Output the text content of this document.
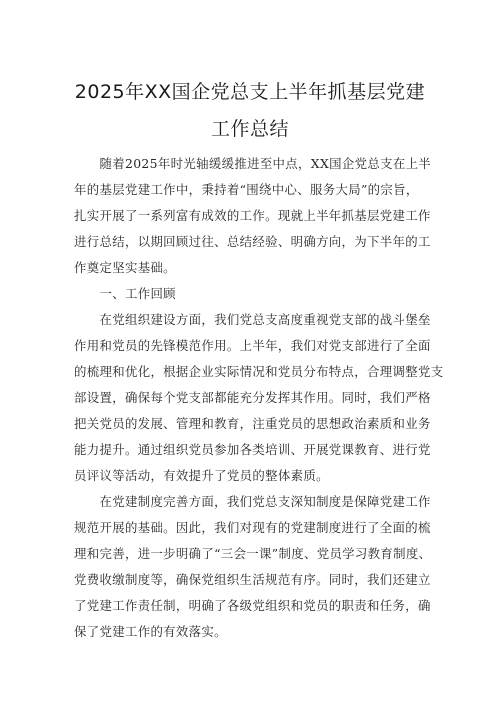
2025年XX国企党总支上半年抓基层党建
工作总结
　　随着2025年时光轴缓缓推进至中点，XX国企党总支在上半
年的基层党建工作中，秉持着“围绕中心、服务大局”的宗旨，
扎实开展了一系列富有成效的工作。现就上半年抓基层党建工作
进行总结，以期回顾过往、总结经验、明确方向，为下半年的工
作奠定坚实基础。
　　一、工作回顾
　　在党组织建设方面，我们党总支高度重视党支部的战斗堡垒
作用和党员的先锋模范作用。上半年，我们对党支部进行了全面
的梳理和优化，根据企业实际情况和党员分布特点，合理调整党支
部设置，确保每个党支部都能充分发挥其作用。同时，我们严格
把关党员的发展、管理和教育，注重党员的思想政治素质和业务
能力提升。通过组织党员参加各类培训、开展党课教育、进行党
员评议等活动，有效提升了党员的整体素质。
　　在党建制度完善方面，我们党总支深知制度是保障党建工作
规范开展的基础。因此，我们对现有的党建制度进行了全面的梳
理和完善，进一步明确了“三会一课”制度、党员学习教育制度、
党费收缴制度等，确保党组织生活规范有序。同时，我们还建立
了党建工作责任制，明确了各级党组织和党员的职责和任务，确
保了党建工作的有效落实。
